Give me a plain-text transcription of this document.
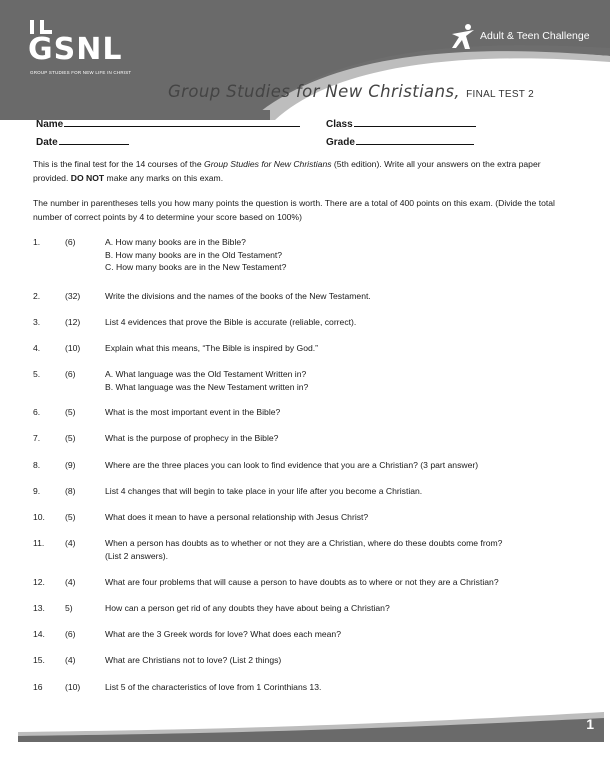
GSNL
GROUP STUDIES FOR NEW LIFE IN CHRIST
Adult & Teen Challenge
Group Studies for New Christians, FINAL TEST 2
Name	Class
Date	Grade
This is the final test for the 14 courses of the Group Studies for New Christians (5th edition). Write all your answers on the extra paper provided. DO NOT make any marks on this exam.
The number in parentheses tells you how many points the question is worth. There are a total of 400 points on this exam. (Divide the total number of correct points by 4 to determine your score based on 100%)
1.	(6)	A. How many books are in the Bible?
B. How many books are in the Old Testament?
C. How many books are in the New Testament?
2.	(32)	Write the divisions and the names of the books of the New Testament.
3.	(12)	List 4 evidences that prove the Bible is accurate (reliable, correct).
4.	(10)	Explain what this means, “The Bible is inspired by God.”
5.	(6)	A. What language was the Old Testament Written in?
B. What language was the New Testament written in?
6.	(5)	What is the most important event in the Bible?
7.	(5)	What is the purpose of prophecy in the Bible?
8.	(9)	Where are the three places you can look to find evidence that you are a Christian? (3 part answer)
9.	(8)	List 4 changes that will begin to take place in your life after you become a Christian.
10. (5)	What does it mean to have a personal relationship with Jesus Christ?
11. (4)	When a person has doubts as to whether or not they are a Christian, where do these doubts come from?
(List 2 answers).
12. (4)	What are four problems that will cause a person to have doubts as to where or not they are a Christian?
13. 5)	How can a person get rid of any doubts they have about being a Christian?
14. (6)	What are the 3 Greek words for love? What does each mean?
15. (4)	What are Christians not to love? (List 2 things)
16	(10)	List 5 of the characteristics of love from 1 Corinthians 13.
1
